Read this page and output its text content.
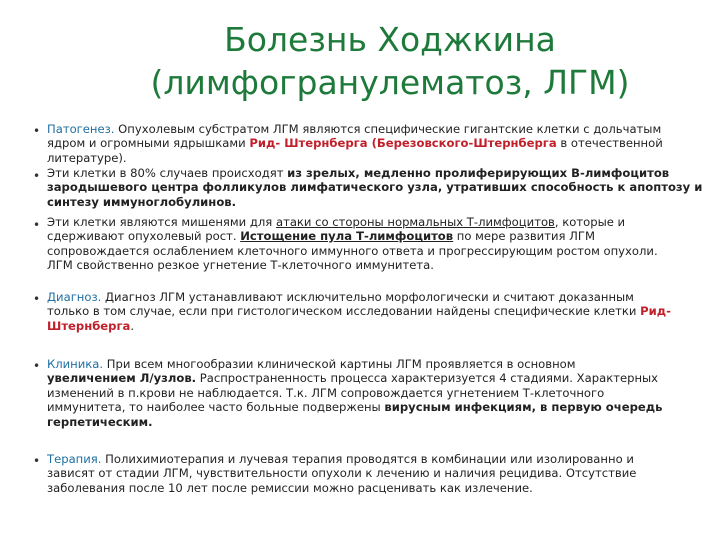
Болезнь Ходжкина
(лимфогранулематоз, ЛГМ)
•
•
•
•
•
•
Патогенез. Опухолевым субстратом ЛГМ являются специфические гигантские клетки с дольчатым
ядром и огромными ядрышками Рид- Штернберга (Березовского-Штернберга в отечественной
литературе).
Эти клетки в 80% случаев происходят из зрелых, медленно пролиферирующих В-лимфоцитов
зародышевого центра фолликулов лимфатического узла, утративших способность к апоптозу и
синтезу иммуноглобулинов.
Эти клетки являются мишенями для атаки со стороны нормальных Т-лимфоцитов, которые и
сдерживают опухолевый рост. Истощение пула Т-лимфоцитов по мере развития ЛГМ
сопровождается ослаблением клеточного иммунного ответа и прогрессирующим ростом опухоли.
ЛГМ свойственно резкое угнетение Т-клеточного иммунитета.
Диагноз. Диагноз ЛГМ устанавливают исключительно морфологически и считают доказанным
только в том случае, если при гистологическом исследовании найдены специфические клетки Рид-
Штернберга.
Клиника. При всем многообразии клинической картины ЛГМ проявляется в основном
увеличением Л/узлов. Распространенность процесса характеризуется 4 стадиями. Характерных
изменений в п.крови не наблюдается. Т.к. ЛГМ сопровождается угнетением Т-клеточного
иммунитета, то наиболее часто больные подвержены вирусным инфекциям, в первую очередь
герпетическим.
Терапия. Полихимиотерапия и лучевая терапия проводятся в комбинации или изолированно и
зависят от стадии ЛГМ, чувствительности опухоли к лечению и наличия рецидива. Отсутствие
заболевания после 10 лет после ремиссии можно расценивать как излечение.
